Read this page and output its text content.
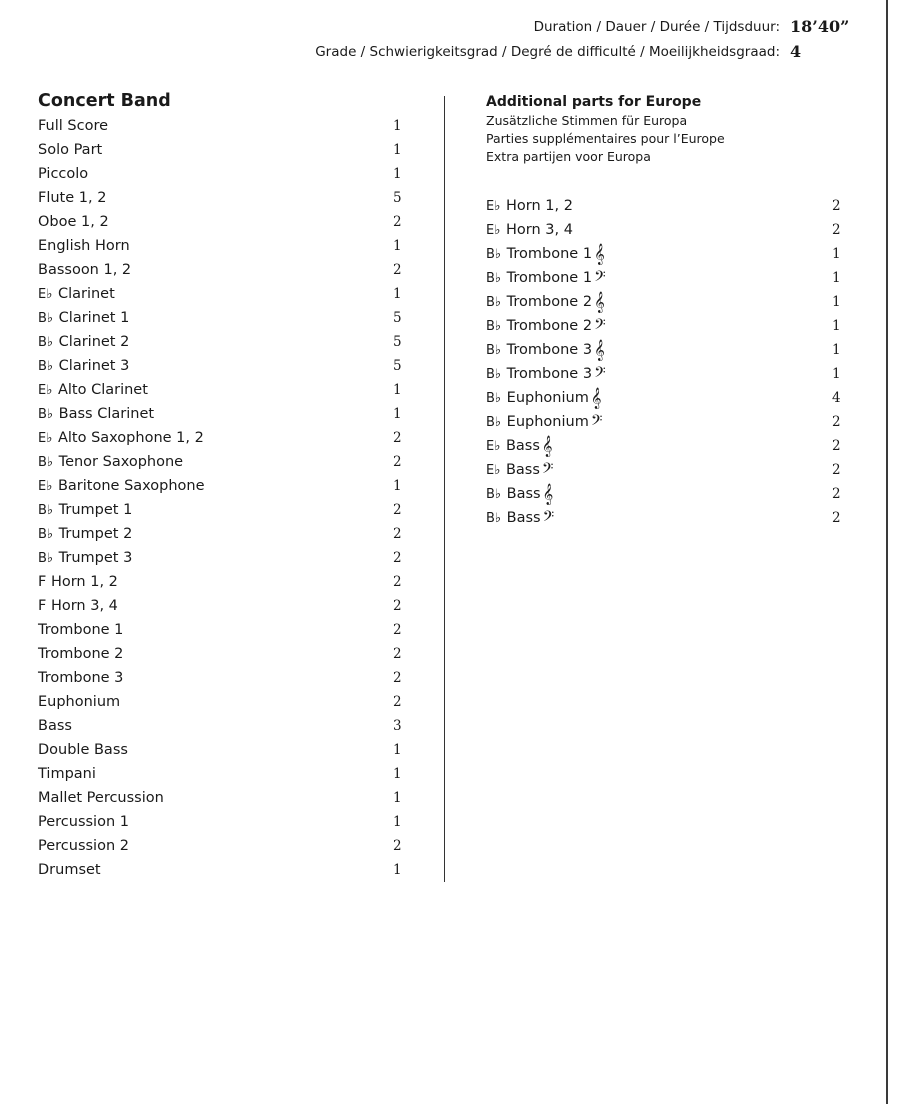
Duration / Dauer / Durée / Tijdsduur: 18’40”
Grade / Schwierigkeitsgrad / Degré de difficulté / Moeilijkheidsgraad: 4
Concert Band
Full Score	1
Solo Part	1
Piccolo	1
Flute 1, 2	5
Oboe 1, 2	2
English Horn	1
Bassoon 1, 2	2
E♭ Clarinet	1
B♭ Clarinet 1	5
B♭ Clarinet 2	5
B♭ Clarinet 3	5
E♭ Alto Clarinet	1
B♭ Bass Clarinet	1
E♭ Alto Saxophone 1, 2	2
B♭ Tenor Saxophone	2
E♭ Baritone Saxophone	1
B♭ Trumpet 1	2
B♭ Trumpet 2	2
B♭ Trumpet 3	2
F Horn 1, 2	2
F Horn 3, 4	2
Trombone 1	2
Trombone 2	2
Trombone 3	2
Euphonium	2
Bass	3
Double Bass	1
Timpani	1
Mallet Percussion	1
Percussion 1	1
Percussion 2	2
Drumset	1
Additional parts for Europe
Zusätzliche Stimmen für Europa
Parties supplémentaires pour l’Europe
Extra partijen voor Europa
E♭ Horn 1, 2	2
E♭ Horn 3, 4	2
B♭ Trombone 1 𝄞	1
B♭ Trombone 1 𝄢	1
B♭ Trombone 2 𝄞	1
B♭ Trombone 2 𝄢	1
B♭ Trombone 3 𝄞	1
B♭ Trombone 3 𝄢	1
B♭ Euphonium 𝄞	4
B♭ Euphonium 𝄢	2
E♭ Bass 𝄞	2
E♭ Bass 𝄢	2
B♭ Bass 𝄞	2
B♭ Bass 𝄢	2
